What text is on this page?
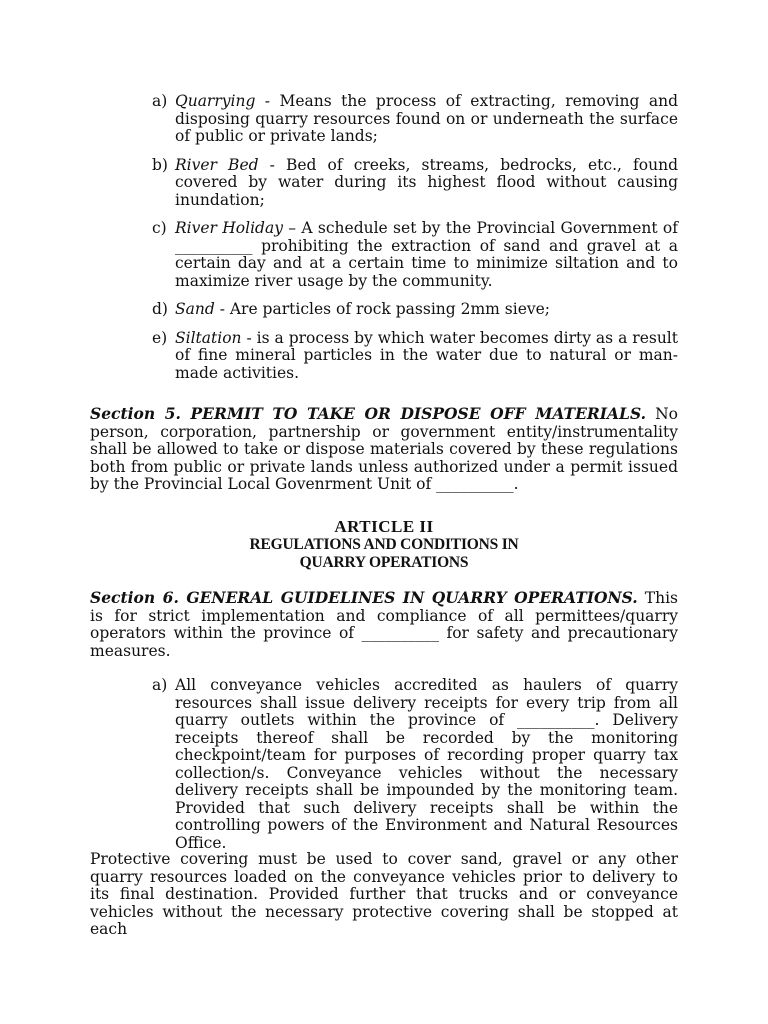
a) Quarrying - Means the process of extracting, removing and disposing quarry resources found on or underneath the surface of public or private lands;
b) River Bed - Bed of creeks, streams, bedrocks, etc., found covered by water during its highest flood without causing inundation;
c) River Holiday – A schedule set by the Provincial Government of __________ prohibiting the extraction of sand and gravel at a certain day and at a certain time to minimize siltation and to maximize river usage by the community.
d) Sand - Are particles of rock passing 2mm sieve;
e) Siltation - is a process by which water becomes dirty as a result of fine mineral particles in the water due to natural or man-made activities.
Section 5. PERMIT TO TAKE OR DISPOSE OFF MATERIALS. No person, corporation, partnership or government entity/instrumentality shall be allowed to take or dispose materials covered by these regulations both from public or private lands unless authorized under a permit issued by the Provincial Local Govenrment Unit of __________.
ARTICLE II
REGULATIONS AND CONDITIONS IN
QUARRY OPERATIONS
Section 6. GENERAL GUIDELINES IN QUARRY OPERATIONS. This is for strict implementation and compliance of all permittees/quarry operators within the province of __________ for safety and precautionary measures.
a) All conveyance vehicles accredited as haulers of quarry resources shall issue delivery receipts for every trip from all quarry outlets within the province of __________. Delivery receipts thereof shall be recorded by the monitoring checkpoint/team for purposes of recording proper quarry tax collection/s. Conveyance vehicles without the necessary delivery receipts shall be impounded by the monitoring team. Provided that such delivery receipts shall be within the controlling powers of the Environment and Natural Resources Office.
Protective covering must be used to cover sand, gravel or any other quarry resources loaded on the conveyance vehicles prior to delivery to its final destination. Provided further that trucks and or conveyance vehicles without the necessary protective covering shall be stopped at each
